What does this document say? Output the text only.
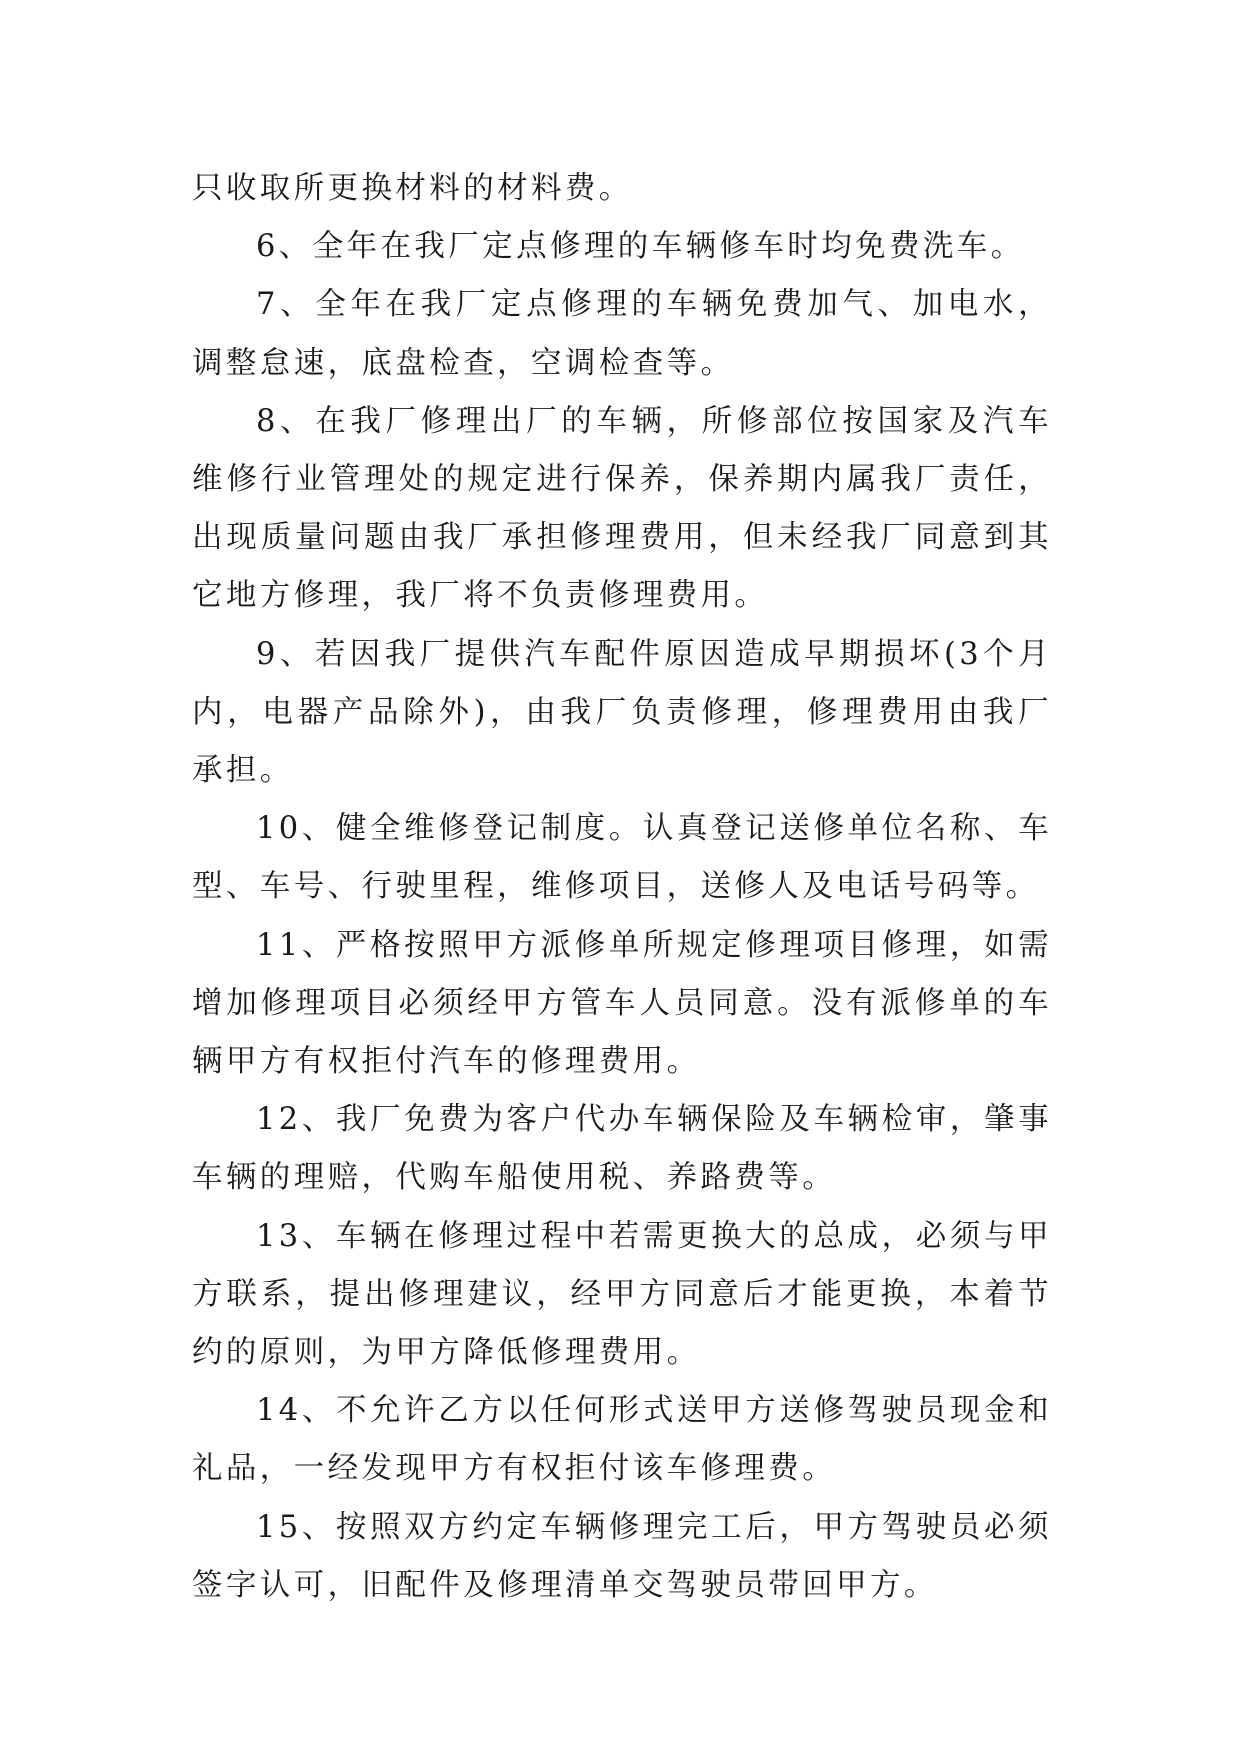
只收取所更换材料的材料费。

6、全年在我厂定点修理的车辆修车时均免费洗车。

7、全年在我厂定点修理的车辆免费加气、加电水，调整怠速，底盘检查，空调检查等。

8、在我厂修理出厂的车辆，所修部位按国家及汽车维修行业管理处的规定进行保养，保养期内属我厂责任，出现质量问题由我厂承担修理费用，但未经我厂同意到其它地方修理，我厂将不负责修理费用。

9、若因我厂提供汽车配件原因造成早期损坏(3个月内，电器产品除外)，由我厂负责修理，修理费用由我厂承担。

10、健全维修登记制度。认真登记送修单位名称、车型、车号、行驶里程，维修项目，送修人及电话号码等。

11、严格按照甲方派修单所规定修理项目修理，如需增加修理项目必须经甲方管车人员同意。没有派修单的车辆甲方有权拒付汽车的修理费用。

12、我厂免费为客户代办车辆保险及车辆检审，肇事车辆的理赔，代购车船使用税、养路费等。

13、车辆在修理过程中若需更换大的总成，必须与甲方联系，提出修理建议，经甲方同意后才能更换，本着节约的原则，为甲方降低修理费用。

14、不允许乙方以任何形式送甲方送修驾驶员现金和礼品，一经发现甲方有权拒付该车修理费。

15、按照双方约定车辆修理完工后，甲方驾驶员必须签字认可，旧配件及修理清单交驾驶员带回甲方。
